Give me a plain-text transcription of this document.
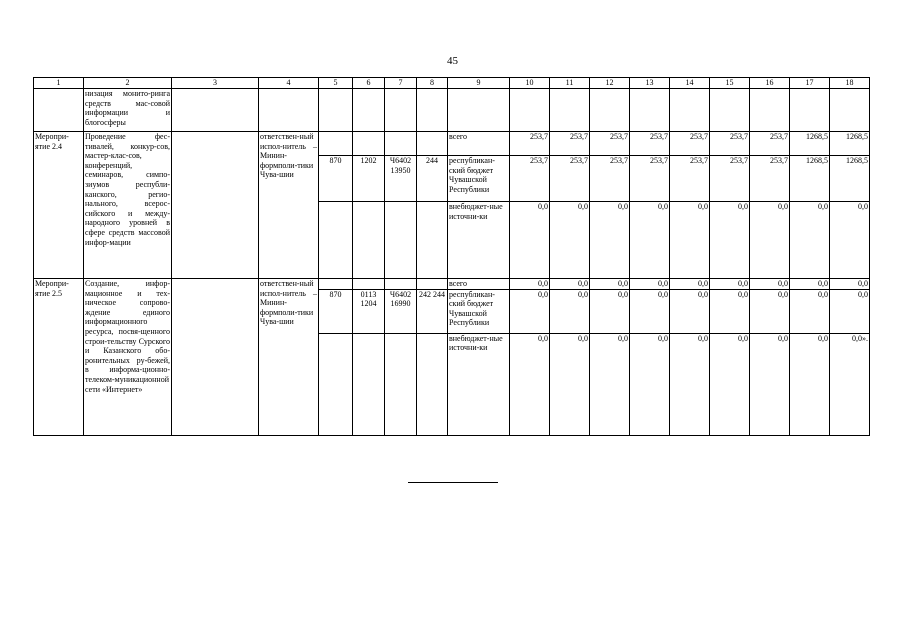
45
1	2	3	4	5	6	7	8	9	10	11	12	13	14	15	16	17	18
	низация монито-ринга средств мас-совой информации и блогосферы																
Меропри-ятие 2.4	Проведение фес-тивалей, конкур-сов, мастер-клас-сов, конференций, семинаров, симпо-зиумов республи-канского, регио-нального, всерос-сийского и между-народного уровней в сфере средств массовой инфор-мации		ответствен-ный испол-нитель – Минин-формполи-тики Чува-шии					всего	253,7	253,7	253,7	253,7	253,7	253,7	253,7	1268,5	1268,5
				870	1202	Ч6402 13950	244	республикан-ский бюджет Чувашской Республики	253,7	253,7	253,7	253,7	253,7	253,7	253,7	1268,5	1268,5
								внебюджет-ные источни-ки	0,0	0,0	0,0	0,0	0,0	0,0	0,0	0,0	0,0
Меропри-ятие 2.5	Создание, инфор-мационное и тех-ническое сопрово-ждение единого информационного ресурса, посвя-щенного строи-тельству Сурского и Казанского обо-ронительных ру-бежей, в информа-ционно-телеком-муникационной сети «Интернет»		ответствен-ный испол-нитель – Минин-формполи-тики Чува-шии					всего	0,0	0,0	0,0	0,0	0,0	0,0	0,0	0,0	0,0
				870	0113 1204	Ч6402 16990	242 244	республикан-ский бюджет Чувашской Республики	0,0	0,0	0,0	0,0	0,0	0,0	0,0	0,0	0,0
								внебюджет-ные источни-ки	0,0	0,0	0,0	0,0	0,0	0,0	0,0	0,0	0,0».
